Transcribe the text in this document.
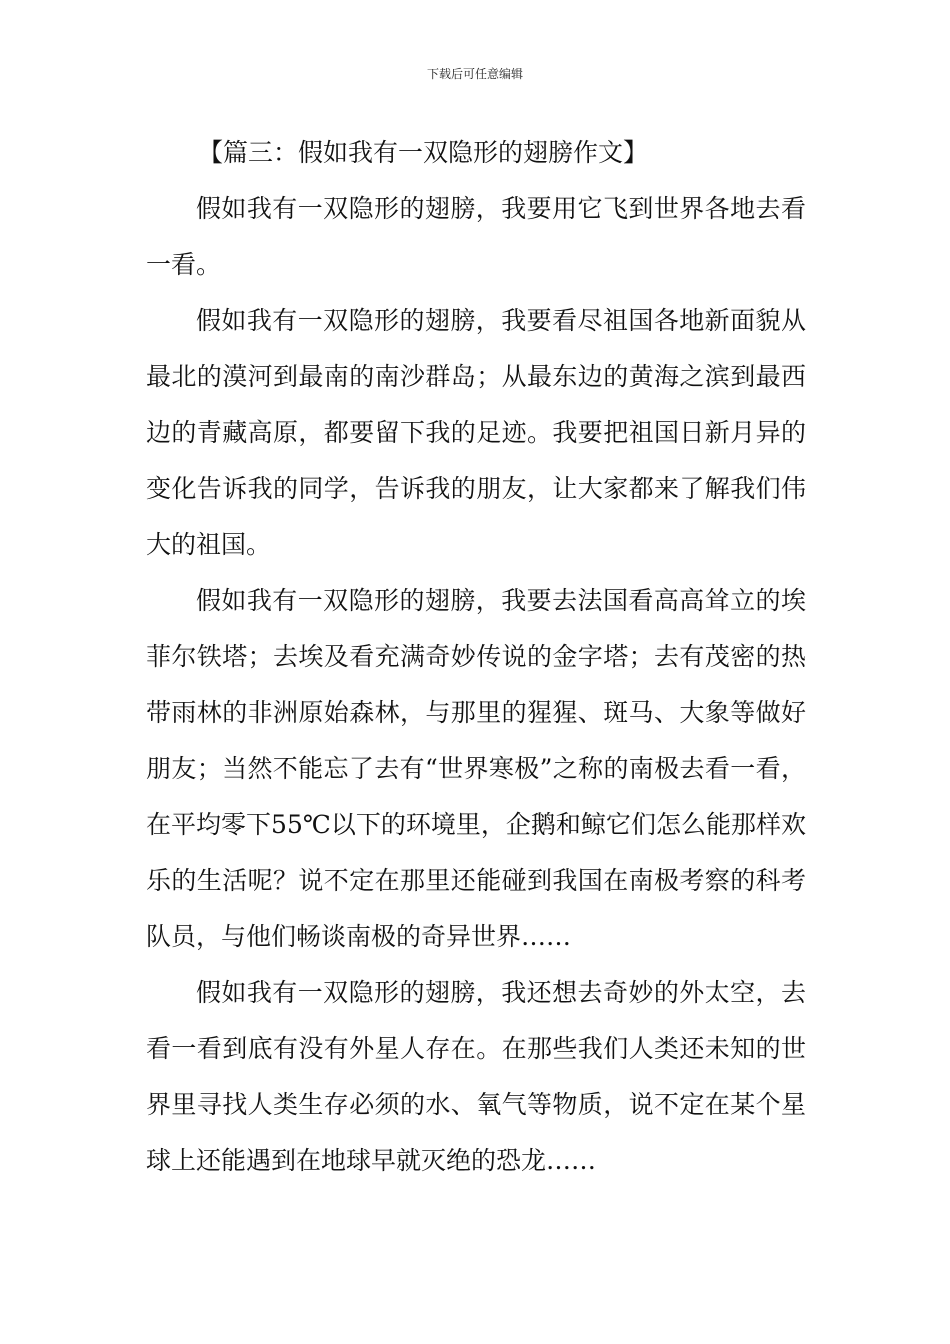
下载后可任意编辑
【篇三：假如我有一双隐形的翅膀作文】

假如我有一双隐形的翅膀，我要用它飞到世界各地去看一看。

假如我有一双隐形的翅膀，我要看尽祖国各地新面貌从最北的漠河到最南的南沙群岛；从最东边的黄海之滨到最西边的青藏高原，都要留下我的足迹。我要把祖国日新月异的变化告诉我的同学，告诉我的朋友，让大家都来了解我们伟大的祖国。

假如我有一双隐形的翅膀，我要去法国看高高耸立的埃菲尔铁塔；去埃及看充满奇妙传说的金字塔；去有茂密的热带雨林的非洲原始森林，与那里的猩猩、斑马、大象等做好朋友；当然不能忘了去有“世界寒极”之称的南极去看一看，在平均零下55℃以下的环境里，企鹅和鲸它们怎么能那样欢乐的生活呢？说不定在那里还能碰到我国在南极考察的科考队员，与他们畅谈南极的奇异世界……

假如我有一双隐形的翅膀，我还想去奇妙的外太空，去看一看到底有没有外星人存在。在那些我们人类还未知的世界里寻找人类生存必须的水、氧气等物质，说不定在某个星球上还能遇到在地球早就灭绝的恐龙……
